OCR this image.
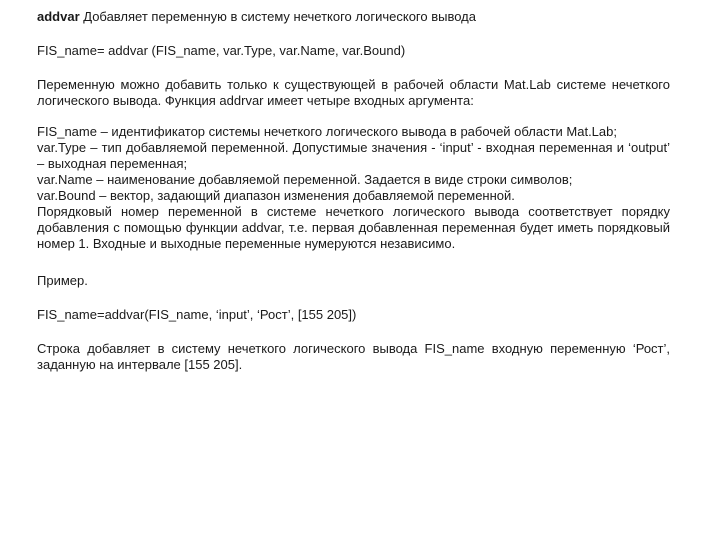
addvar Добавляет переменную в систему нечеткого логического вывода

FIS_name= addvar (FIS_name, var.Type, var.Name, var.Bound)

Переменную можно добавить только к существующей в рабочей области Mat.Lab системе нечеткого логического вывода. Функция addrvar имеет четыре входных аргумента:

FIS_name – идентификатор системы нечеткого логического вывода в рабочей области Mat.Lab;

var.Type – тип добавляемой переменной. Допустимые значения - ‘input’ - входная переменная и ‘output’ – выходная переменная;

var.Name – наименование добавляемой переменной. Задается в виде строки символов;

var.Bound – вектор, задающий диапазон изменения добавляемой переменной.

Порядковый номер переменной в системе нечеткого логического вывода соответствует порядку добавления с помощью функции addvar, т.е. первая добавленная переменная будет иметь порядковый номер 1. Входные и выходные переменные нумеруются независимо.

Пример.

FIS_name=addvar(FIS_name, ‘input’, ‘Рост’, [155 205])

Строка добавляет в систему нечеткого логического вывода FIS_name входную переменную ‘Рост’, заданную на интервале [155 205].
